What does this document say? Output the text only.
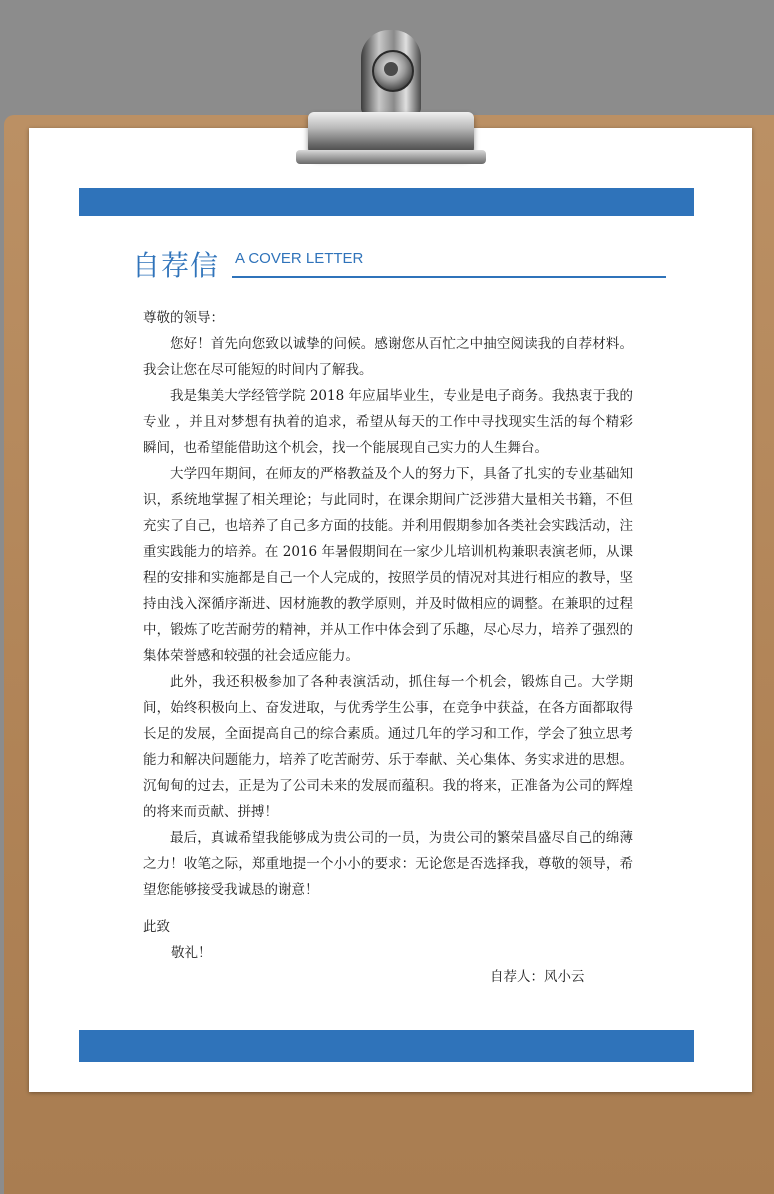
自荐信 A COVER LETTER

尊敬的领导：

您好！首先向您致以诚挚的问候。感谢您从百忙之中抽空阅读我的自荐材料。我会让您在尽可能短的时间内了解我。

我是集美大学经管学院 2018 年应届毕业生，专业是电子商务。我热衷于我的专业 ，并且对梦想有执着的追求，希望从每天的工作中寻找现实生活的每个精彩瞬间，也希望能借助这个机会，找一个能展现自己实力的人生舞台。

大学四年期间，在师友的严格教益及个人的努力下，具备了扎实的专业基础知识，系统地掌握了相关理论；与此同时，在课余期间广泛涉猎大量相关书籍，不但充实了自己，也培养了自己多方面的技能。并利用假期参加各类社会实践活动，注重实践能力的培养。在 2016 年暑假期间在一家少儿培训机构兼职表演老师，从课程的安排和实施都是自己一个人完成的，按照学员的情况对其进行相应的教导，坚持由浅入深循序渐进、因材施教的教学原则，并及时做相应的调整。在兼职的过程中，锻炼了吃苦耐劳的精神，并从工作中体会到了乐趣，尽心尽力，培养了强烈的集体荣誉感和较强的社会适应能力。

此外，我还积极参加了各种表演活动，抓住每一个机会，锻炼自己。大学期间，始终积极向上、奋发进取，与优秀学生公事，在竞争中获益，在各方面都取得长足的发展，全面提高自己的综合素质。通过几年的学习和工作，学会了独立思考能力和解决问题能力，培养了吃苦耐劳、乐于奉献、关心集体、务实求进的思想。沉甸甸的过去，正是为了公司未来的发展而蕴积。我的将来，正准备为公司的辉煌的将来而贡献、拼搏！

最后，真诚希望我能够成为贵公司的一员，为贵公司的繁荣昌盛尽自己的绵薄之力！收笔之际，郑重地提一个小小的要求：无论您是否选择我，尊敬的领导，希望您能够接受我诚恳的谢意！

此致
敬礼！
自荐人：风小云
